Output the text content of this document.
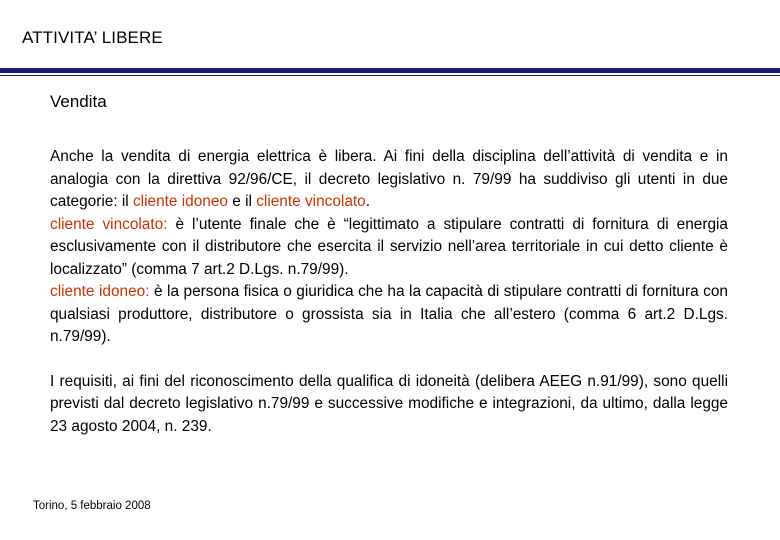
ATTIVITA’ LIBERE
Vendita

Anche la vendita di energia elettrica è libera. Ai fini della disciplina dell’attività di vendita e in analogia con la direttiva 92/96/CE, il decreto legislativo n. 79/99 ha suddiviso gli utenti in due categorie: il cliente idoneo e il cliente vincolato.

cliente vincolato: è l’utente finale che è “legittimato a stipulare contratti di fornitura di energia esclusivamente con il distributore che esercita il servizio nell’area territoriale in cui detto cliente è localizzato” (comma 7 art.2 D.Lgs. n.79/99).

cliente idoneo: è la persona fisica o giuridica che ha la capacità di stipulare contratti di fornitura con qualsiasi produttore, distributore o grossista sia in Italia che all’estero (comma 6 art.2 D.Lgs. n.79/99).

I requisiti, ai fini del riconoscimento della qualifica di idoneità (delibera AEEG n.91/99), sono quelli previsti dal decreto legislativo n.79/99 e successive modifiche e integrazioni, da ultimo, dalla legge 23 agosto 2004, n. 239.

Torino, 5 febbraio 2008
